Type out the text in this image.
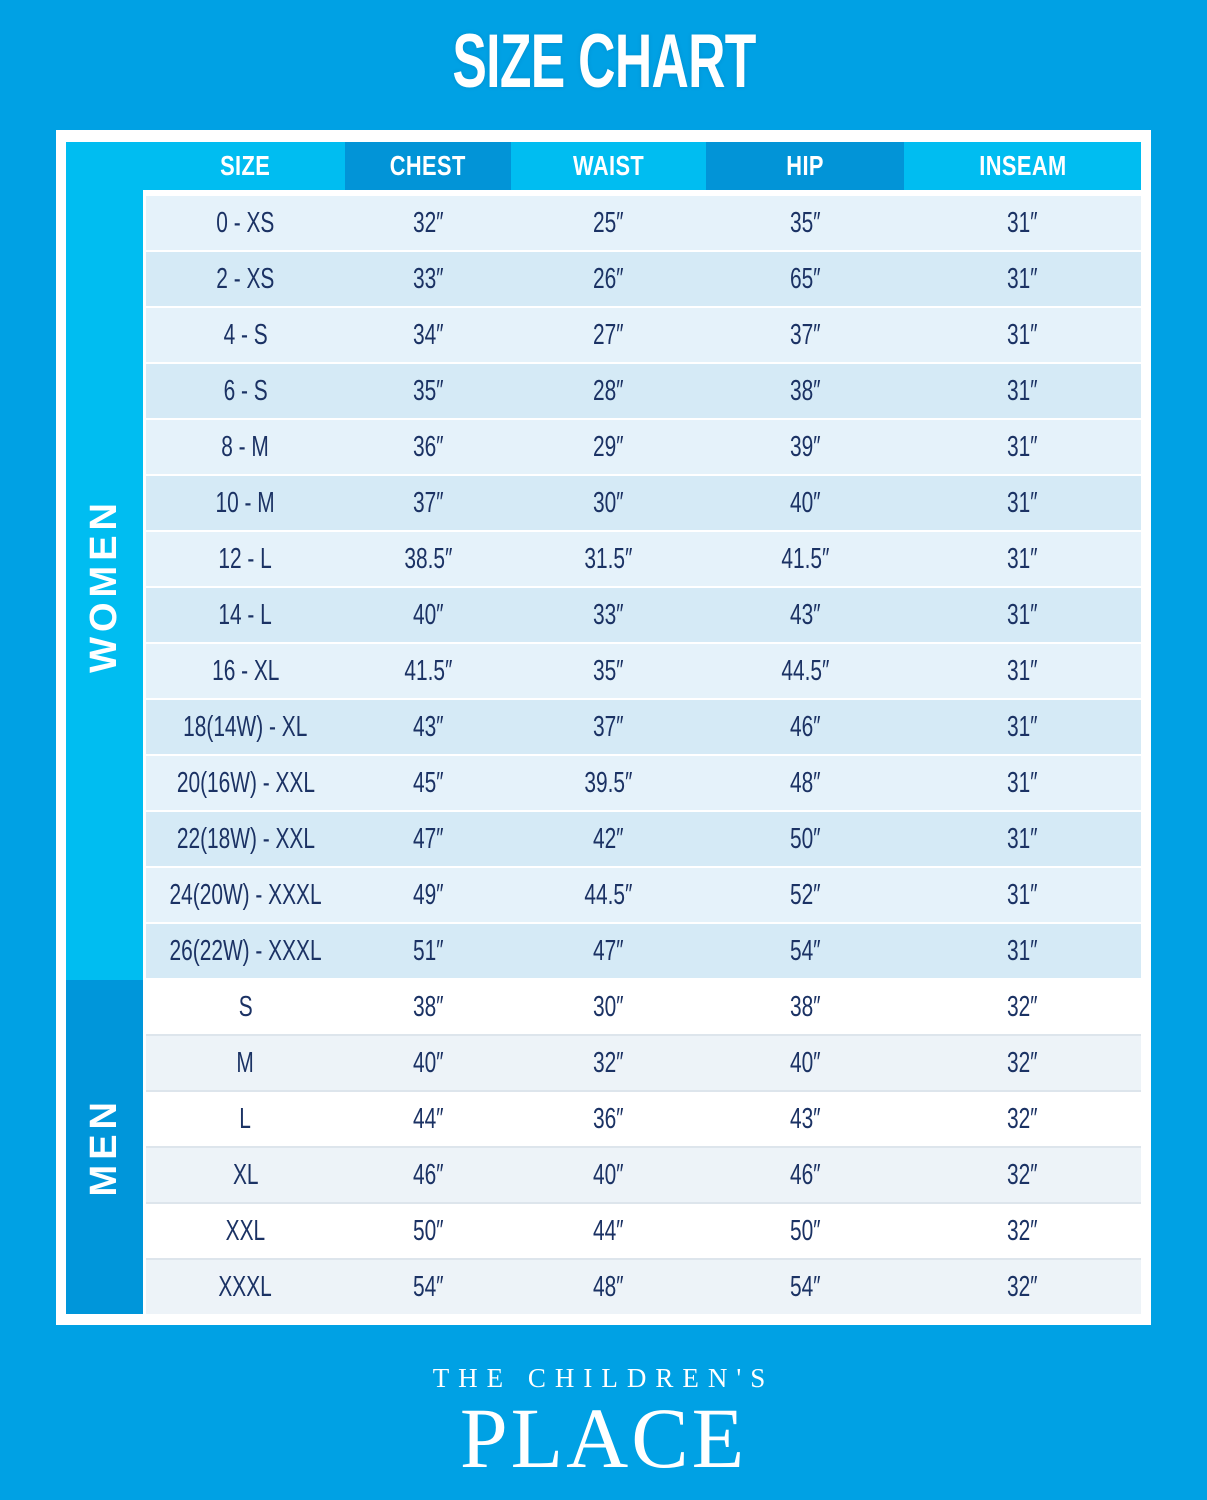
SIZE CHART
SIZE	CHEST	WAIST	HIP	INSEAM
WOMEN
MEN
0 - XS	32″	25″	35″	31″
2 - XS	33″	26″	65″	31″
4 - S	34″	27″	37″	31″
6 - S	35″	28″	38″	31″
8 - M	36″	29″	39″	31″
10 - M	37″	30″	40″	31″
12 - L	38.5″	31.5″	41.5″	31″
14 - L	40″	33″	43″	31″
16 - XL	41.5″	35″	44.5″	31″
18(14W) - XL	43″	37″	46″	31″
20(16W) - XXL	45″	39.5″	48″	31″
22(18W) - XXL	47″	42″	50″	31″
24(20W) - XXXL	49″	44.5″	52″	31″
26(22W) - XXXL	51″	47″	54″	31″
S	38″	30″	38″	32″
M	40″	32″	40″	32″
L	44″	36″	43″	32″
XL	46″	40″	46″	32″
XXL	50″	44″	50″	32″
XXXL	54″	48″	54″	32″
THE CHILDREN'S
PLACE
